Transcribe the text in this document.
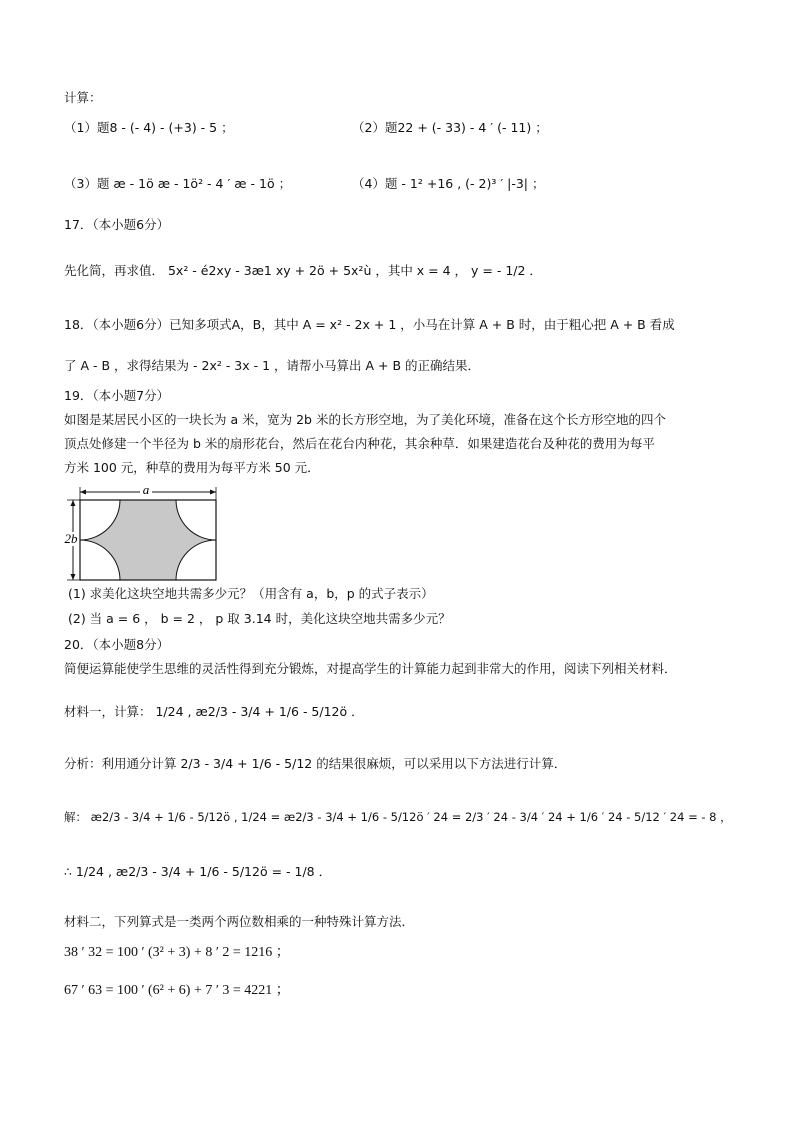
计算：
（1）题8 - (- 4) - (+3) - 5 ；	（2）题22 + (- 33) - 4 ′ (- 11) ；
（3）题 æ - 1ö æ - 1ö² - 4 ′ æ - 1ö ；	（4）题 - 1² +16 , (- 2)³ ′ |-3| ；
17．（本小题6分）
先化简，再求值． 5x² - é2xy - 3æ1 xy + 2ö + 5x²ù ，其中 x = 4 ， y = - 1/2 ．
18．（本小题6分）已知多项式A，B，其中 A = x² - 2x + 1 ，小马在计算 A + B 时，由于粗心把 A + B 看成
了 A - B ，求得结果为 - 2x² - 3x - 1 ，请帮小马算出 A + B 的正确结果．
19．（本小题7分）
如图是某居民小区的一块长为 a 米，宽为 2b 米的长方形空地，为了美化环境，准备在这个长方形空地的四个
顶点处修建一个半径为 b 米的扇形花台，然后在花台内种花，其余种草．如果建造花台及种花的费用为每平
方米 100 元，种草的费用为每平方米 50 元．
a
2b
(1) 求美化这块空地共需多少元？（用含有 a，b，p 的式子表示）
(2) 当 a = 6 ， b = 2 ， p 取 3.14 时，美化这块空地共需多少元？
20．（本小题8分）
简便运算能使学生思维的灵活性得到充分锻炼，对提高学生的计算能力起到非常大的作用，阅读下列相关材料．
材料一，计算： 1/24 , æ2/3 - 3/4 + 1/6 - 5/12ö ．
分析：利用通分计算 2/3 - 3/4 + 1/6 - 5/12 的结果很麻烦，可以采用以下方法进行计算．
解： æ2/3 - 3/4 + 1/6 - 5/12ö , 1/24 = æ2/3 - 3/4 + 1/6 - 5/12ö ′ 24 = 2/3 ′ 24 - 3/4 ′ 24 + 1/6 ′ 24 - 5/12 ′ 24 = - 8 ，
∴ 1/24 , æ2/3 - 3/4 + 1/6 - 5/12ö = - 1/8 ．
材料二，下列算式是一类两个两位数相乘的一种特殊计算方法．
38 ′ 32 = 100 ′ (3² + 3) + 8 ′ 2 = 1216 ；
67 ′ 63 = 100 ′ (6² + 6) + 7 ′ 3 = 4221 ；
